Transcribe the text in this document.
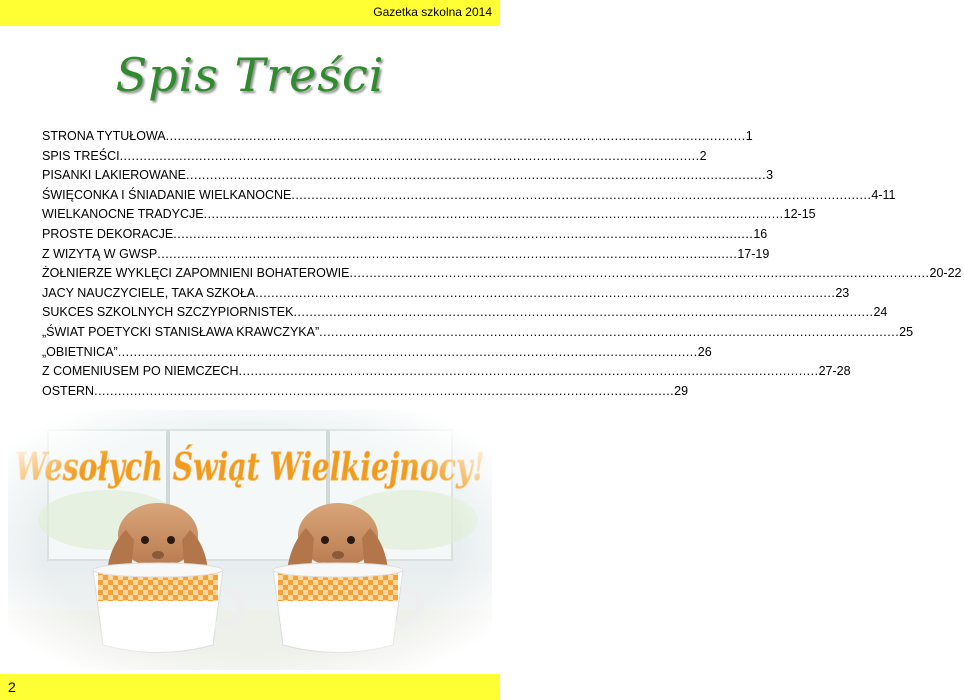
Gazetka szkolna 2014
Spis Treści
STRONA TYTUŁOWA .....	1
SPIS TREŚCI .....	2
PISANKI LAKIEROWANE .....	3
ŚWIĘCONKA I ŚNIADANIE WIELKANOCNE .....	4-11
WIELKANOCNE TRADYCJE .....	12-15
PROSTE DEKORACJE .....	16
Z WIZYTĄ W GWSP .....	17-19
ŻOŁNIERZE WYKLĘCI ZAPOMNIENI BOHATEROWIE .....	20-22
JACY NAUCZYCIELE, TAKA SZKOŁA .....	23
SUKCES SZKOLNYCH SZCZYPIORNISTEK .....	24
„ŚWIAT POETYCKI STANISŁAWA KRAWCZYKA” .....	25
„OBIETNICA” .....	26
Z COMENIUSEM PO NIEMCZECH .....	27-28
OSTERN .....	29
2
